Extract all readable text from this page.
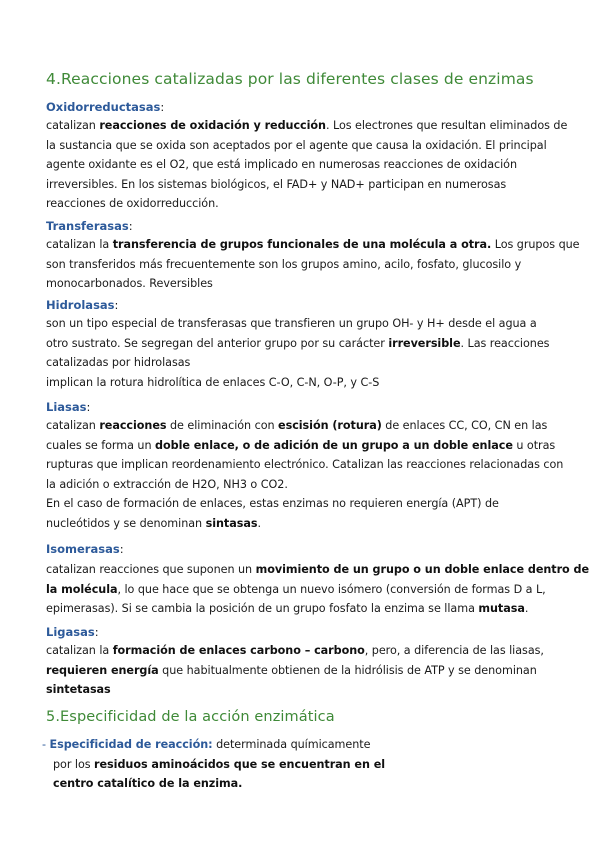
4.Reacciones catalizadas por las diferentes clases de enzimas
Oxidorreductasas:
catalizan reacciones de oxidación y reducción. Los electrones que resultan eliminados de
la sustancia que se oxida son aceptados por el agente que causa la oxidación. El principal
agente oxidante es el O2, que está implicado en numerosas reacciones de oxidación
irreversibles. En los sistemas biológicos, el FAD+ y NAD+ participan en numerosas
reacciones de oxidorreducción.
Transferasas:
catalizan la transferencia de grupos funcionales de una molécula a otra. Los grupos que
son transferidos más frecuentemente son los grupos amino, acilo, fosfato, glucosilo y
monocarbonados. Reversibles
Hidrolasas:
son un tipo especial de transferasas que transfieren un grupo OH- y H+ desde el agua a
otro sustrato. Se segregan del anterior grupo por su carácter irreversible. Las reacciones
catalizadas por hidrolasas
implican la rotura hidrolítica de enlaces C-O, C-N, O-P, y C-S
Liasas:
catalizan reacciones de eliminación con escisión (rotura) de enlaces CC, CO, CN en las
cuales se forma un doble enlace, o de adición de un grupo a un doble enlace u otras
rupturas que implican reordenamiento electrónico. Catalizan las reacciones relacionadas con
la adición o extracción de H2O, NH3 o CO2.
En el caso de formación de enlaces, estas enzimas no requieren energía (APT) de
nucleótidos y se denominan sintasas.
Isomerasas:
catalizan reacciones que suponen un movimiento de un grupo o un doble enlace dentro de
la molécula, lo que hace que se obtenga un nuevo isómero (conversión de formas D a L,
epimerasas). Si se cambia la posición de un grupo fosfato la enzima se llama mutasa.
Ligasas:
catalizan la formación de enlaces carbono – carbono, pero, a diferencia de las liasas,
requieren energía que habitualmente obtienen de la hidrólisis de ATP y se denominan
sintetasas
5.Especificidad de la acción enzimática
- Especificidad de reacción: determinada químicamente
por los residuos aminoácidos que se encuentran en el
centro catalítico de la enzima.
